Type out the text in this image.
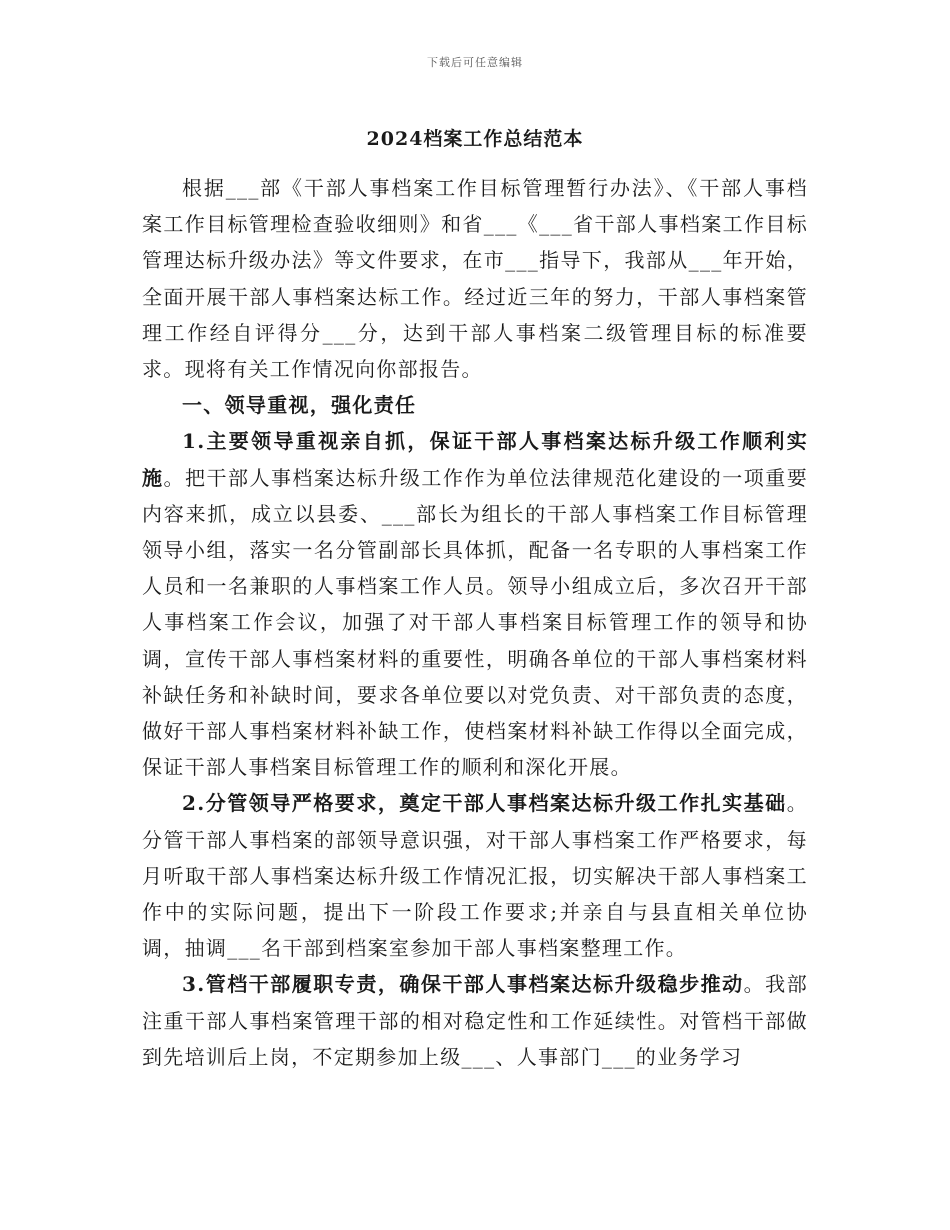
下载后可任意编辑
2024档案工作总结范本

根据___部《干部人事档案工作目标管理暂行办法》、《干部人事档案工作目标管理检查验收细则》和省___《___省干部人事档案工作目标管理达标升级办法》等文件要求，在市___指导下，我部从___年开始，全面开展干部人事档案达标工作。经过近三年的努力，干部人事档案管理工作经自评得分___分，达到干部人事档案二级管理目标的标准要求。现将有关工作情况向你部报告。

一、领导重视，强化责任

1.主要领导重视亲自抓，保证干部人事档案达标升级工作顺利实施。把干部人事档案达标升级工作作为单位法律规范化建设的一项重要内容来抓，成立以县委、___部长为组长的干部人事档案工作目标管理领导小组，落实一名分管副部长具体抓，配备一名专职的人事档案工作人员和一名兼职的人事档案工作人员。领导小组成立后，多次召开干部人事档案工作会议，加强了对干部人事档案目标管理工作的领导和协调，宣传干部人事档案材料的重要性，明确各单位的干部人事档案材料补缺任务和补缺时间，要求各单位要以对党负责、对干部负责的态度，做好干部人事档案材料补缺工作，使档案材料补缺工作得以全面完成，保证干部人事档案目标管理工作的顺利和深化开展。

2.分管领导严格要求，奠定干部人事档案达标升级工作扎实基础。分管干部人事档案的部领导意识强，对干部人事档案工作严格要求，每月听取干部人事档案达标升级工作情况汇报，切实解决干部人事档案工作中的实际问题，提出下一阶段工作要求;并亲自与县直相关单位协调，抽调___名干部到档案室参加干部人事档案整理工作。

3.管档干部履职专责，确保干部人事档案达标升级稳步推动。我部注重干部人事档案管理干部的相对稳定性和工作延续性。对管档干部做到先培训后上岗，不定期参加上级___、人事部门___的业务学习
